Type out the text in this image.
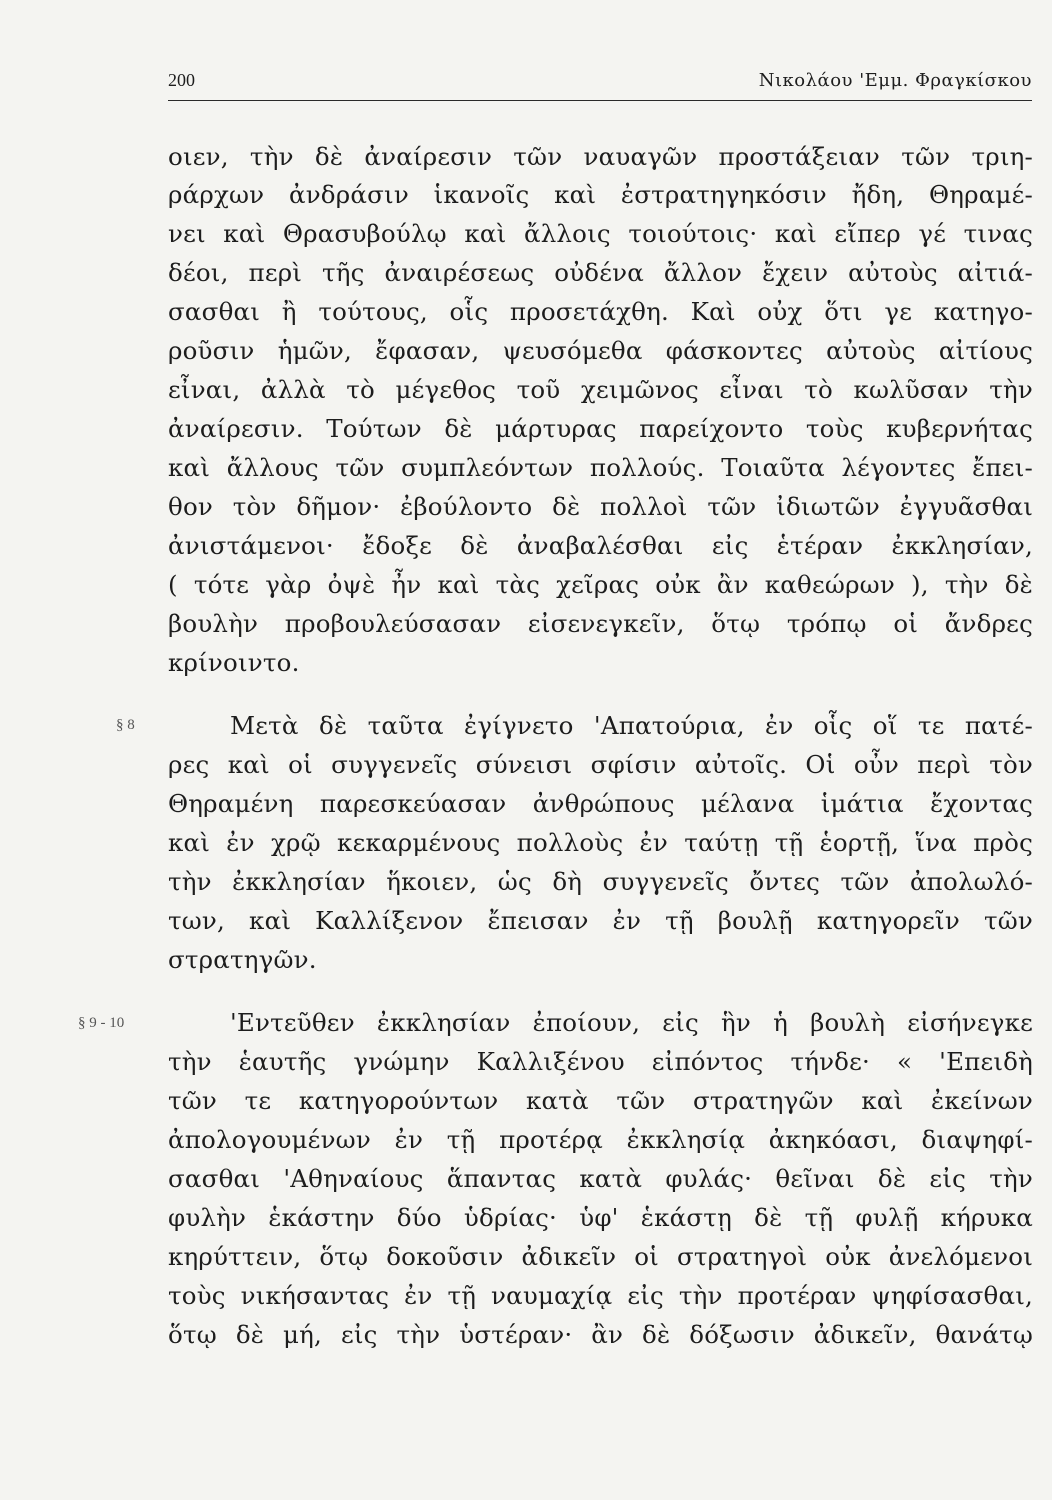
200	Νικολάου 'Εμμ. Φραγκίσκου
§ 8
§ 9 - 10
οιεν, τὴν δὲ ἀναίρεσιν τῶν ναυαγῶν προστάξειαν τῶν τριη-
ράρχων ἀνδράσιν ἱκανοῖς καὶ ἐστρατηγηκόσιν ἤδη, Θηραμέ-
νει καὶ Θρασυβούλῳ καὶ ἄλλοις τοιούτοις· καὶ εἴπερ γέ τινας
δέοι, περὶ τῆς ἀναιρέσεως οὐδένα ἄλλον ἔχειν αὐτοὺς αἰτιά-
σασθαι ἢ τούτους, οἷς προσετάχθη. Καὶ οὐχ ὅτι γε κατηγο-
ροῦσιν ἡμῶν, ἔφασαν, ψευσόμεθα φάσκοντες αὐτοὺς αἰτίους
εἶναι, ἀλλὰ τὸ μέγεθος τοῦ χειμῶνος εἶναι τὸ κωλῦσαν τὴν
ἀναίρεσιν. Τούτων δὲ μάρτυρας παρείχοντο τοὺς κυβερνήτας
καὶ ἄλλους τῶν συμπλεόντων πολλούς. Τοιαῦτα λέγοντες ἔπει-
θον τὸν δῆμον· ἐβούλοντο δὲ πολλοὶ τῶν ἰδιωτῶν ἐγγυᾶσθαι
ἀνιστάμενοι· ἔδοξε δὲ ἀναβαλέσθαι εἰς ἑτέραν ἐκκλησίαν,
( τότε γὰρ ὀψὲ ἦν καὶ τὰς χεῖρας οὐκ ἂν καθεώρων ), τὴν δὲ
βουλὴν προβουλεύσασαν εἰσενεγκεῖν, ὅτῳ τρόπῳ οἱ ἄνδρες
κρίνοιντο.
Μετὰ δὲ ταῦτα ἐγίγνετο 'Απατούρια, ἐν οἷς οἵ τε πατέ-
ρες καὶ οἱ συγγενεῖς σύνεισι σφίσιν αὐτοῖς. Οἱ οὖν περὶ τὸν
Θηραμένη παρεσκεύασαν ἀνθρώπους μέλανα ἱμάτια ἔχοντας
καὶ ἐν χρῷ κεκαρμένους πολλοὺς ἐν ταύτῃ τῇ ἑορτῇ, ἵνα πρὸς
τὴν ἐκκλησίαν ἥκοιεν, ὡς δὴ συγγενεῖς ὄντες τῶν ἀπολωλό-
των, καὶ Καλλίξενον ἔπεισαν ἐν τῇ βουλῇ κατηγορεῖν τῶν
στρατηγῶν.
'Εντεῦθεν ἐκκλησίαν ἐποίουν, εἰς ἣν ἡ βουλὴ εἰσήνεγκε
τὴν ἑαυτῆς γνώμην Καλλιξένου εἰπόντος τήνδε· « 'Επειδὴ
τῶν τε κατηγορούντων κατὰ τῶν στρατηγῶν καὶ ἐκείνων
ἀπολογουμένων ἐν τῇ προτέρᾳ ἐκκλησίᾳ ἀκηκόασι, διαψηφί-
σασθαι 'Αθηναίους ἅπαντας κατὰ φυλάς· θεῖναι δὲ εἰς τὴν
φυλὴν ἑκάστην δύο ὑδρίας· ὑφ' ἑκάστῃ δὲ τῇ φυλῇ κήρυκα
κηρύττειν, ὅτῳ δοκοῦσιν ἀδικεῖν οἱ στρατηγοὶ οὐκ ἀνελόμενοι
τοὺς νικήσαντας ἐν τῇ ναυμαχίᾳ εἰς τὴν προτέραν ψηφίσασθαι,
ὅτῳ δὲ μή, εἰς τὴν ὑστέραν· ἂν δὲ δόξωσιν ἀδικεῖν, θανάτῳ
